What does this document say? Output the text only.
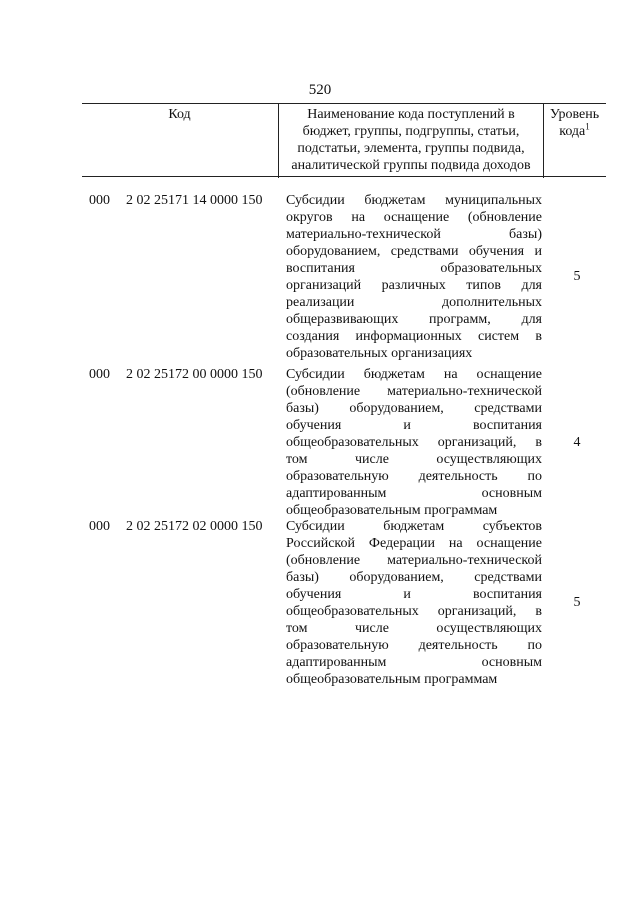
520
Код	Наименование кода поступлений в
бюджет, группы, подгруппы, статьи,
подстатьи, элемента, группы подвида,
аналитической группы подвида доходов
Уровень
кода$^1$
000 2 02 25171 14 0000 150 Субсидии бюджетам муниципальных
округов на оснащение (обновление
материально-технической базы)
оборудованием, средствами обучения и
воспитания образовательных
организаций различных типов для
реализации дополнительных
общеразвивающих программ, для
создания информационных систем в
образовательных организациях
5
000 2 02 25172 00 0000 150 Субсидии бюджетам на оснащение
(обновление материально-технической
базы) оборудованием, средствами
обучения и воспитания
общеобразовательных организаций, в
том числе осуществляющих
образовательную деятельность по
адаптированным основным
общеобразовательным программам
4
000 2 02 25172 02 0000 150 Субсидии бюджетам субъектов
Российской Федерации на оснащение
(обновление материально-технической
базы) оборудованием, средствами
обучения и воспитания
общеобразовательных организаций, в
том числе осуществляющих
образовательную деятельность по
адаптированным основным
общеобразовательным программам
5
